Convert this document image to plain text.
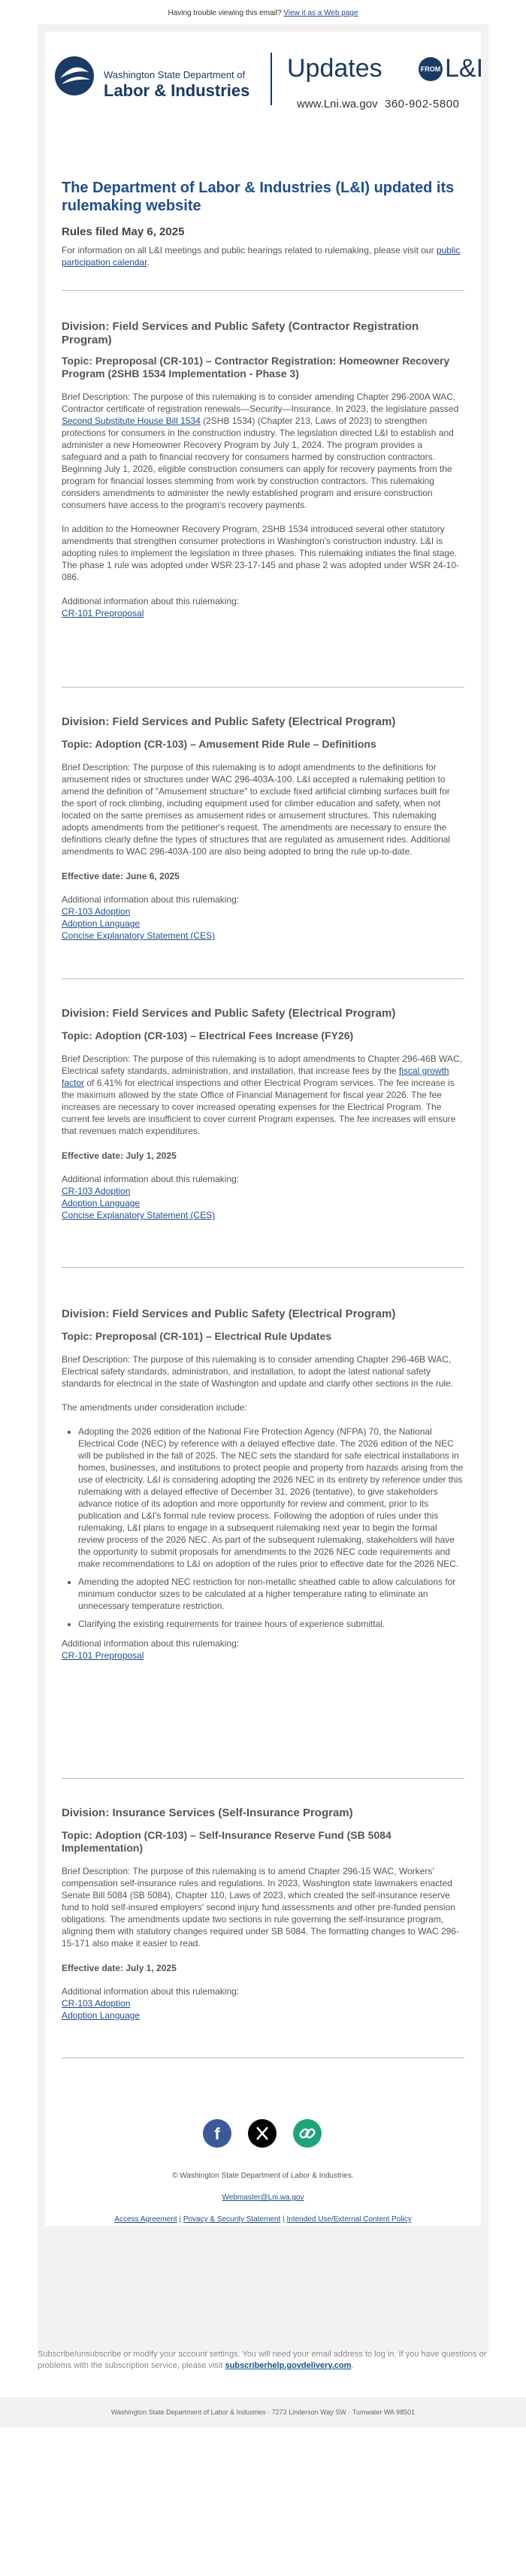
Having trouble viewing this email? View it as a Web page
Washington State Department of
Labor & Industries
Updates	FROM L&I
www.Lni.wa.gov 360-902-5800
The Department of Labor & Industries (L&I) updated its rulemaking website
Rules filed May 6, 2025

For information on all L&I meetings and public hearings related to rulemaking, please visit our public participation calendar.

Division: Field Services and Public Safety (Contractor Registration Program)

Topic: Preproposal (CR-101) – Contractor Registration: Homeowner Recovery Program (2SHB 1534 Implementation - Phase 3)

Brief Description: The purpose of this rulemaking is to consider amending Chapter 296-200A WAC, Contractor certificate of registration renewals—Security—Insurance. In 2023, the legislature passed Second Substitute House Bill 1534 (2SHB 1534) (Chapter 213, Laws of 2023) to strengthen protections for consumers in the construction industry. The legislation directed L&I to establish and administer a new Homeowner Recovery Program by July 1, 2024. The program provides a safeguard and a path to financial recovery for consumers harmed by construction contractors. Beginning July 1, 2026, eligible construction consumers can apply for recovery payments from the program for financial losses stemming from work by construction contractors. This rulemaking considers amendments to administer the newly established program and ensure construction consumers have access to the program's recovery payments.

In addition to the Homeowner Recovery Program, 2SHB 1534 introduced several other statutory amendments that strengthen consumer protections in Washington's construction industry. L&I is adopting rules to implement the legislation in three phases. This rulemaking initiates the final stage. The phase 1 rule was adopted under WSR 23-17-145 and phase 2 was adopted under WSR 24-10-086.

Additional information about this rulemaking:

CR-101 Preproposal

Division: Field Services and Public Safety (Electrical Program)

Topic: Adoption (CR-103) – Amusement Ride Rule – Definitions

Brief Description: The purpose of this rulemaking is to adopt amendments to the definitions for amusement rides or structures under WAC 296-403A-100. L&I accepted a rulemaking petition to amend the definition of "Amusement structure" to exclude fixed artificial climbing surfaces built for the sport of rock climbing, including equipment used for climber education and safety, when not located on the same premises as amusement rides or amusement structures. This rulemaking adopts amendments from the petitioner's request. The amendments are necessary to ensure the definitions clearly define the types of structures that are regulated as amusement rides. Additional amendments to WAC 296-403A-100 are also being adopted to bring the rule up-to-date.

Effective date: June 6, 2025

Additional information about this rulemaking:

CR-103 Adoption
Adoption Language
Concise Explanatory Statement (CES)

Division: Field Services and Public Safety (Electrical Program)

Topic: Adoption (CR-103) – Electrical Fees Increase (FY26)

Brief Description: The purpose of this rulemaking is to adopt amendments to Chapter 296-46B WAC, Electrical safety standards, administration, and installation, that increase fees by the fiscal growth factor of 6.41% for electrical inspections and other Electrical Program services. The fee increase is the maximum allowed by the state Office of Financial Management for fiscal year 2026. The fee increases are necessary to cover increased operating expenses for the Electrical Program. The current fee levels are insufficient to cover current Program expenses. The fee increases will ensure that revenues match expenditures.

Effective date: July 1, 2025

Additional information about this rulemaking:

CR-103 Adoption
Adoption Language
Concise Explanatory Statement (CES)

Division: Field Services and Public Safety (Electrical Program)

Topic: Preproposal (CR-101) – Electrical Rule Updates

Brief Description: The purpose of this rulemaking is to consider amending Chapter 296-46B WAC, Electrical safety standards, administration, and installation, to adopt the latest national safety standards for electrical in the state of Washington and update and clarify other sections in the rule.

The amendments under consideration include:

• Adopting the 2026 edition of the National Fire Protection Agency (NFPA) 70, the National Electrical Code (NEC) by reference with a delayed effective date. The 2026 edition of the NEC will be published in the fall of 2025. The NEC sets the standard for safe electrical installations in homes, businesses, and institutions to protect people and property from hazards arising from the use of electricity. L&I is considering adopting the 2026 NEC in its entirety by reference under this rulemaking with a delayed effective of December 31, 2026 (tentative), to give stakeholders advance notice of its adoption and more opportunity for review and comment, prior to its publication and L&I's formal rule review process. Following the adoption of rules under this rulemaking, L&I plans to engage in a subsequent rulemaking next year to begin the formal review process of the 2026 NEC. As part of the subsequent rulemaking, stakeholders will have the opportunity to submit proposals for amendments to the 2026 NEC code requirements and make recommendations to L&I on adoption of the rules prior to effective date for the 2026 NEC.
• Amending the adopted NEC restriction for non-metallic sheathed cable to allow calculations for minimum conductor sizes to be calculated at a higher temperature rating to eliminate an unnecessary temperature restriction.
• Clarifying the existing requirements for trainee hours of experience submittal.

Additional information about this rulemaking:

CR-101 Preproposal

Division: Insurance Services (Self-Insurance Program)

Topic: Adoption (CR-103) – Self-Insurance Reserve Fund (SB 5084 Implementation)

Brief Description: The purpose of this rulemaking is to amend Chapter 296-15 WAC, Workers' compensation self-insurance rules and regulations. In 2023, Washington state lawmakers enacted Senate Bill 5084 (SB 5084), Chapter 110, Laws of 2023, which created the self-insurance reserve fund to hold self-insured employers' second injury fund assessments and other pre-funded pension obligations. The amendments update two sections in rule governing the self-insurance program, aligning them with statutory changes required under SB 5084. The formatting changes to WAC 296-15-171 also make it easier to read.

Effective date: July 1, 2025

Additional information about this rulemaking:

CR-103 Adoption
Adoption Language
f
© Washington State Department of Labor & Industries.
Webmaster@Lni.wa.gov
Access Agreement | Privacy & Security Statement | Intended Use/External Content Policy
Subscribe/unsubscribe or modify your account settings. You will need your email address to log in. If you have questions or problems with the subscription service, please visit subscriberhelp.govdelivery.com.
Washington State Department of Labor & Industries · 7273 Linderson Way SW · Tumwater WA 98501
